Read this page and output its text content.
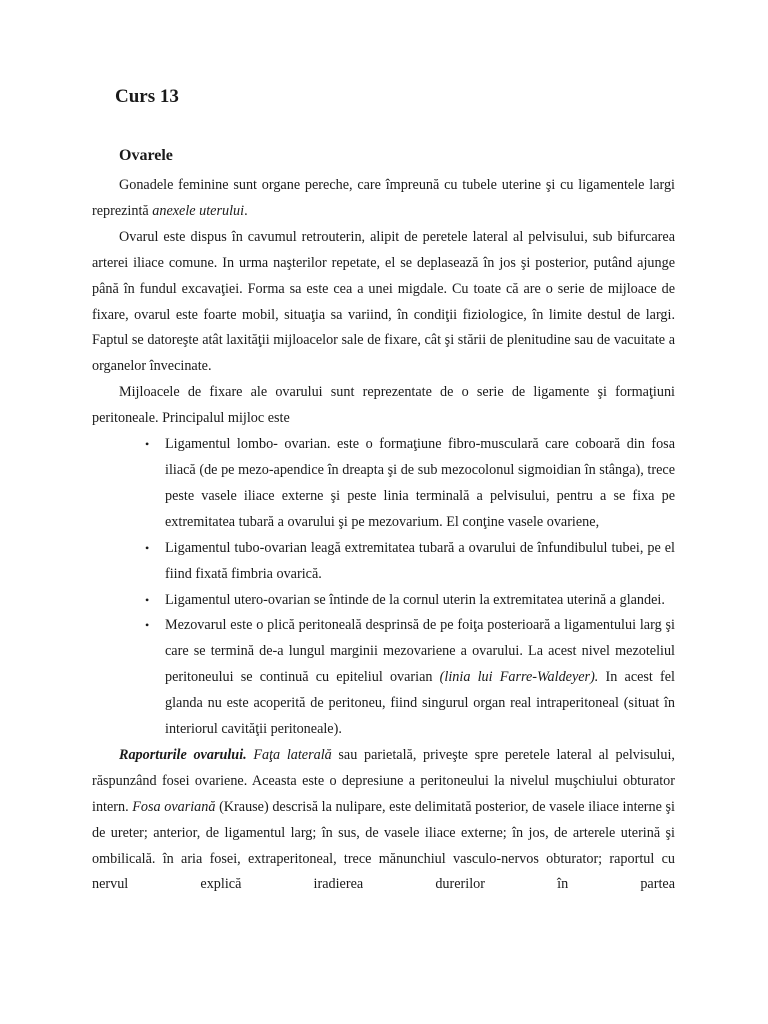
Curs 13
Ovarele

Gonadele feminine sunt organe pereche, care împreună cu tubele uterine şi cu ligamentele largi reprezintă anexele uterului.

Ovarul este dispus în cavumul retrouterin, alipit de peretele lateral al pelvisului, sub bifurcarea arterei iliace comune. In urma naşterilor repetate, el se deplasează în jos şi posterior, putând ajunge până în fundul excavaţiei. Forma sa este cea a unei migdale. Cu toate că are o serie de mijloace de fixare, ovarul este foarte mobil, situaţia sa variind, în condiţii fiziologice, în limite destul de largi. Faptul se datoreşte atât laxităţii mijloacelor sale de fixare, cât şi stării de plenitudine sau de vacuitate a organelor învecinate.

Mijloacele de fixare ale ovarului sunt reprezentate de o serie de ligamente şi formaţiuni peritoneale. Principalul mijloc este

• Ligamentul lombo- ovarian. este o formaţiune fibro-musculară care coboară din fosa iliacă (de pe mezo-apendice în dreapta şi de sub mezocolonul sigmoidian în stânga), trece peste vasele iliace externe şi peste linia terminală a pelvisului, pentru a se fixa pe extremitatea tubară a ovarului şi pe mezovarium. El conţine vasele ovariene,
• Ligamentul tubo-ovarian leagă extremitatea tubară a ovarului de înfundibulul tubei, pe el fiind fixată fimbria ovarică.
• Ligamentul utero-ovarian se întinde de la cornul uterin la extremitatea uterină a glandei.
• Mezovarul este o plică peritoneală desprinsă de pe foiţa posterioară a ligamentului larg şi care se termină de-a lungul marginii mezovariene a ovarului. La acest nivel mezoteliul peritoneului se continuă cu epiteliul ovarian (linia lui Farre-Waldeyer). In acest fel glanda nu este acoperită de peritoneu, fiind singurul organ real intraperitoneal (situat în interiorul cavităţii peritoneale).

Raporturile ovarului. Faţa laterală sau parietală, priveşte spre peretele lateral al pelvisului, răspunzând fosei ovariene. Aceasta este o depresiune a peritoneului la nivelul muşchiului obturator intern. Fosa ovariană (Krause) descrisă la nulipare, este delimitată posterior, de vasele iliace interne şi de ureter; anterior, de ligamentul larg; în sus, de vasele iliace externe; în jos, de arterele uterină şi ombilicală. în aria fosei, extraperitoneal, trece mănunchiul vasculo-nervos obturator; raportul cu nervul explică iradierea durerilor în partea
